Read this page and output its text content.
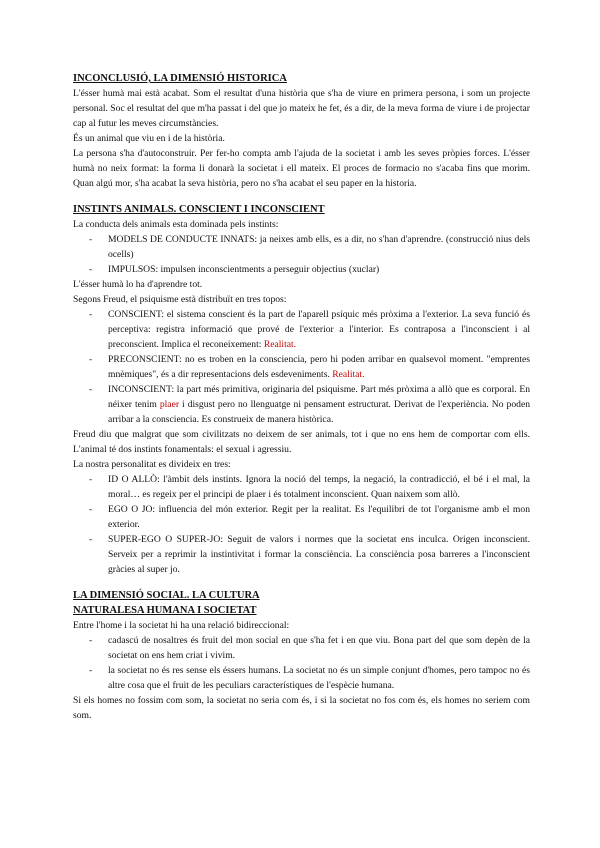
INCONCLUSIÓ, LA DIMENSIÓ HISTORICA

L'ésser humà mai està acabat. Som el resultat d'una història que s'ha de viure en primera persona, i som un projecte personal. Soc el resultat del que m'ha passat i del que jo mateix he fet, és a dir, de la meva forma de viure i de projectar cap al futur les meves circumstàncies.

És un animal que viu en i de la història.

La persona s'ha d'autoconstruir. Per fer-ho compta amb l'ajuda de la societat i amb les seves pròpies forces. L'ésser humà no neix format: la forma li donarà la societat i ell mateix. El proces de formacio no s'acaba fins que morim. Quan algú mor, s'ha acabat la seva història, pero no s'ha acabat el seu paper en la historia.

INSTINTS ANIMALS. CONSCIENT I INCONSCIENT

La conducta dels animals esta dominada pels instints:

- MODELS DE CONDUCTE INNATS: ja neixes amb ells, es a dir, no s'han d'aprendre. (construcció nius dels ocells)
- IMPULSOS: impulsen inconscientments a perseguir objectius (xuclar)

L'ésser humà lo ha d'aprendre tot.

Segons Freud, el psiquisme està distribuït en tres topos:

- CONSCIENT: el sistema conscient és la part de l'aparell psíquic més pròxima a l'exterior. La seva funció és perceptiva: registra informació que prové de l'exterior a l'interior. Es contraposa a l'inconscient i al preconscient. Implica el reconeixement: Realitat.
- PRECONSCIENT: no es troben en la consciencia, pero hi poden arribar en qualsevol moment. "emprentes mnèmiques", és a dir representacions dels esdeveniments. Realitat.
- INCONSCIENT: la part més primitiva, originaria del psiquisme. Part més pròxima a allò que es corporal. En néixer tenim plaer i disgust pero no llenguatge ni pensament estructurat. Derivat de l'experiència. No poden arribar a la consciencia. Es construeix de manera històrica.

Freud diu que malgrat que som civilitzats no deixem de ser animals, tot i que no ens hem de comportar com ells. L'animal té dos instints fonamentals: el sexual i agressiu.

La nostra personalitat es divideix en tres:

- ID O ALLÒ: l'àmbit dels instints. Ignora la noció del temps, la negació, la contradicció, el bé i el mal, la moral… es regeix per el principi de plaer i és totalment inconscient. Quan naixem som allò.
- EGO O JO: influencia del món exterior. Regit per la realitat. Es l'equilibri de tot l'organisme amb el mon exterior.
- SUPER-EGO O SUPER-JO: Seguit de valors i normes que la societat ens inculca. Origen inconscient. Serveix per a reprimir la instintivitat i formar la consciència. La consciència posa barreres a l'inconscient gràcies al super jo.
LA DIMENSIÓ SOCIAL. LA CULTURA
NATURALESA HUMANA I SOCIETAT

Entre l'home i la societat hi ha una relació bidireccional:

- cadascú de nosaltres és fruit del mon social en que s'ha fet i en que viu. Bona part del que som depèn de la societat on ens hem criat i vivim.
- la societat no és res sense els éssers humans. La societat no és un simple conjunt d'homes, pero tampoc no és altre cosa que el fruit de les peculiars característiques de l'espècie humana.

Si els homes no fossim com som, la societat no seria com és, i si la societat no fos com és, els homes no seriem com som.
